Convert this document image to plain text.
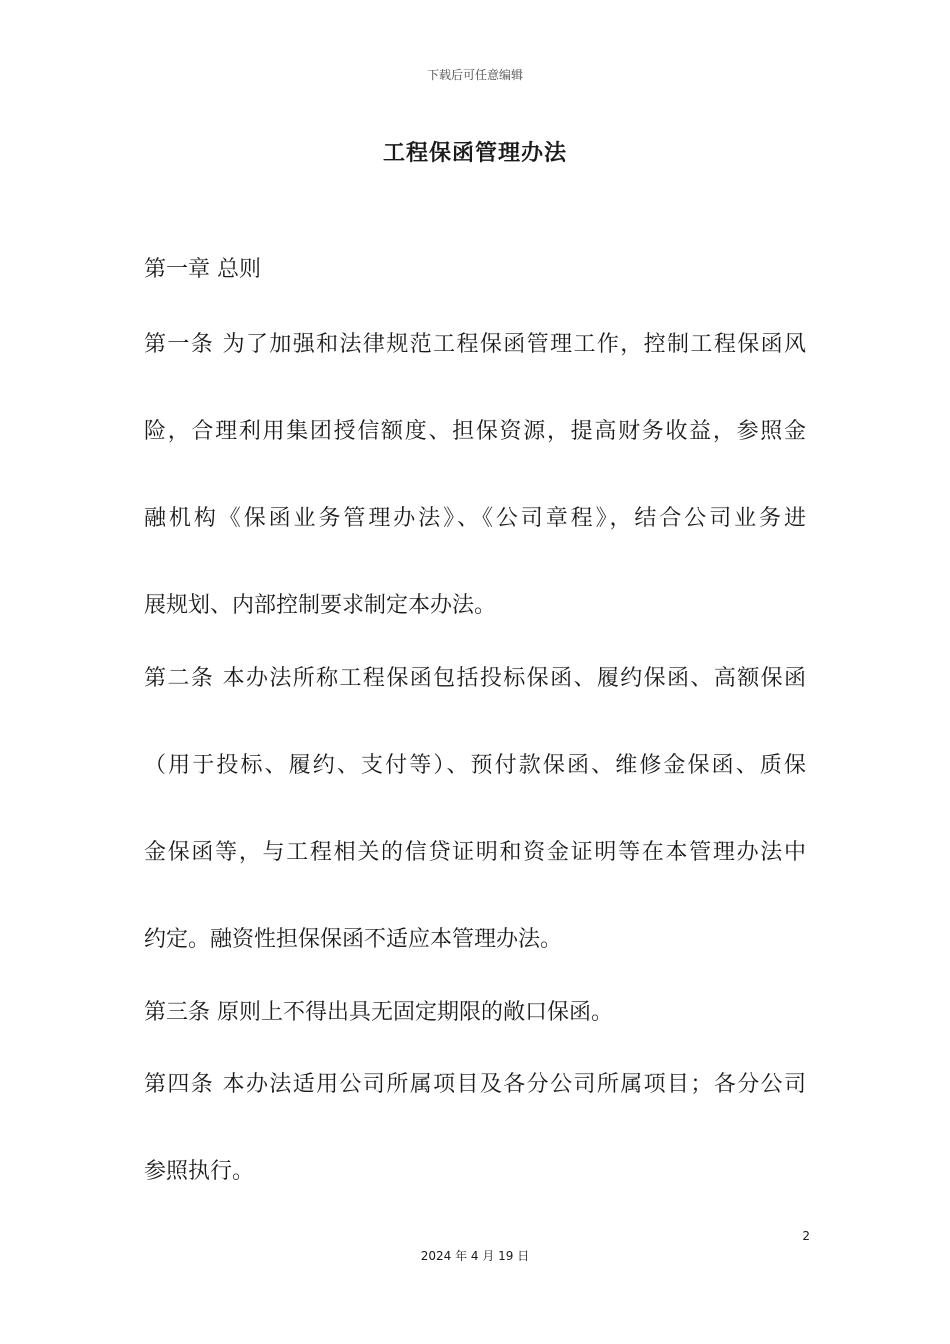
下载后可任意编辑
工程保函管理办法
第一章 总则
第一条 为了加强和法律规范工程保函管理工作，控制工程保函风
险，合理利用集团授信额度、担保资源，提高财务收益，参照金
融机构《保函业务管理办法》、《公司章程》，结合公司业务进
展规划、内部控制要求制定本办法。
第二条 本办法所称工程保函包括投标保函、履约保函、高额保函
（用于投标、履约、支付等）、预付款保函、维修金保函、质保
金保函等，与工程相关的信贷证明和资金证明等在本管理办法中
约定。融资性担保保函不适应本管理办法。
第三条 原则上不得出具无固定期限的敞口保函。
第四条 本办法适用公司所属项目及各分公司所属项目；各分公司
参照执行。
2
2024 年 4 月 19 日
